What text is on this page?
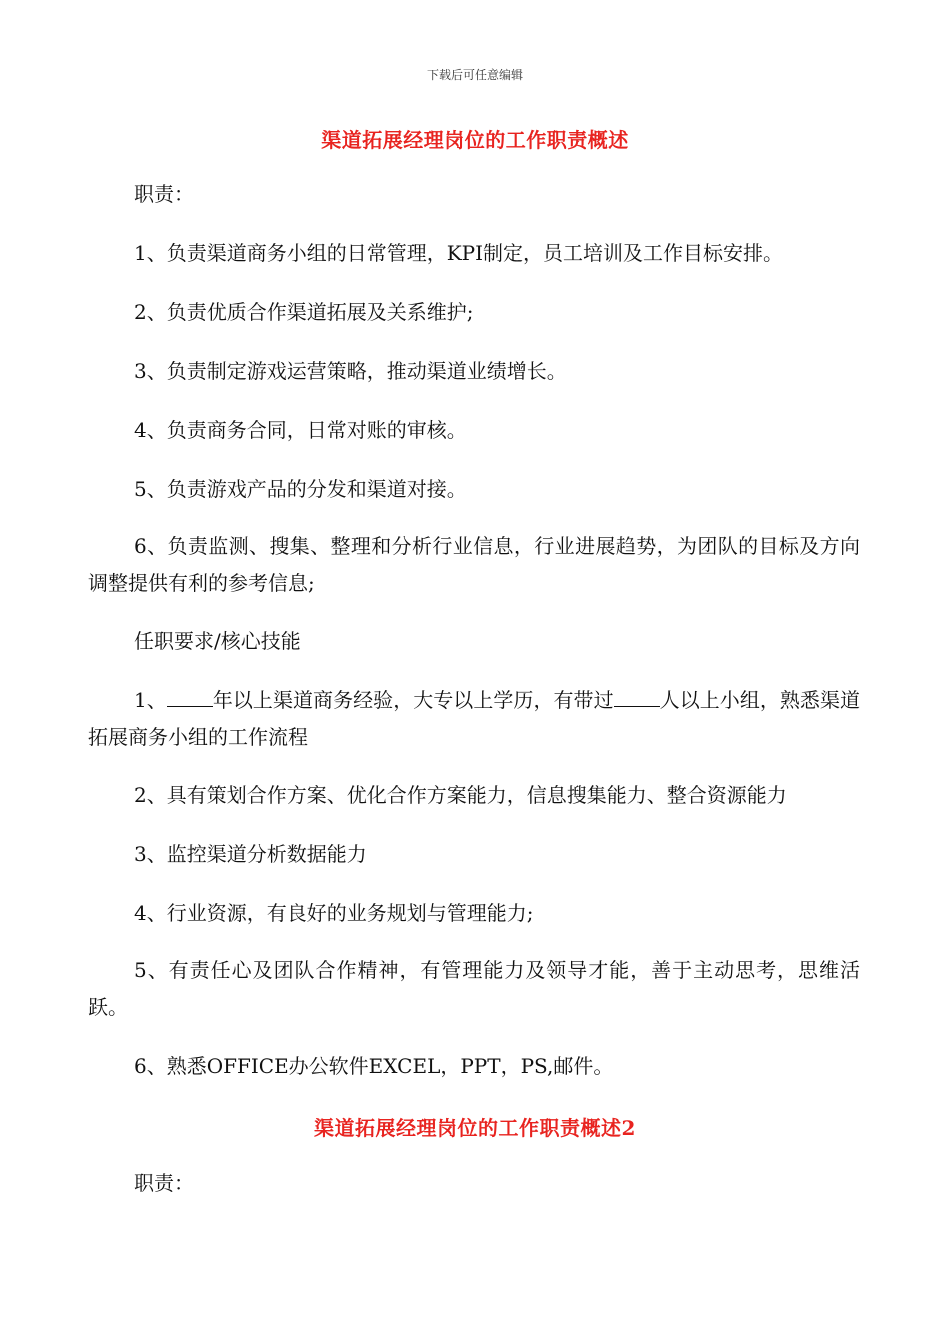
下载后可任意编辑
渠道拓展经理岗位的工作职责概述
职责：
1、负责渠道商务小组的日常管理，KPI制定，员工培训及工作目标安排。
2、负责优质合作渠道拓展及关系维护;
3、负责制定游戏运营策略，推动渠道业绩增长。
4、负责商务合同，日常对账的审核。
5、负责游戏产品的分发和渠道对接。
6、负责监测、搜集、整理和分析行业信息，行业进展趋势，为团队的目标及方向调整提供有利的参考信息;
任职要求/核心技能
1、 年以上渠道商务经验，大专以上学历，有带过 人以上小组，熟悉渠道拓展商务小组的工作流程
2、具有策划合作方案、优化合作方案能力，信息搜集能力、整合资源能力
3、监控渠道分析数据能力
4、行业资源，有良好的业务规划与管理能力;
5、有责任心及团队合作精神，有管理能力及领导才能，善于主动思考，思维活跃。
6、熟悉OFFICE办公软件EXCEL，PPT，PS,邮件。
渠道拓展经理岗位的工作职责概述2
职责：
